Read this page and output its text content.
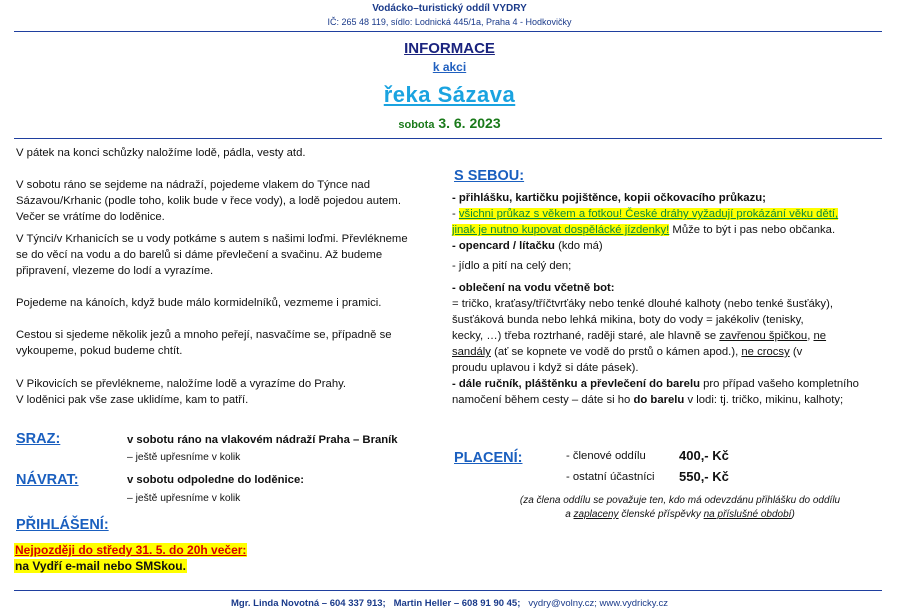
Vodácko–turistický oddíl VYDRY
IČ: 265 48 119, sídlo: Lodnická 445/1a, Praha 4 - Hodkovičky
INFORMACE
k akci
řeka Sázava
sobota 3. 6. 2023
V pátek na konci schůzky naložíme lodě, pádla, vesty atd.
V sobotu ráno se sejdeme na nádraží, pojedeme vlakem do Týnce nad
Sázavou/Krhanic (podle toho, kolik bude v řece vody), a lodě pojedou autem.
Večer se vrátíme do loděnice.
V Týnci/v Krhanicích se u vody potkáme s autem s našimi loďmi. Převlékneme
se do věcí na vodu a do barelů si dáme převlečení a svačinu. Až budeme
připravení, vlezeme do lodí a vyrazíme.
Pojedeme na kánoích, když bude málo kormidelníků, vezmeme i pramici.
Cestou si sjedeme několik jezů a mnoho peřejí, nasvačíme se, případně se
vykoupeme, pokud budeme chtít.
V Pikovicích se převlékneme, naložíme lodě a vyrazíme do Prahy.
V loděnici pak vše zase uklidíme, kam to patří.
S SEBOU:
- přihlášku, kartičku pojištěnce, kopii očkovacího průkazu;
- všichni průkaz s věkem a fotkou! České dráhy vyžadují prokázání věku dětí,
jinak je nutno kupovat dospělácké jízdenky! Může to být i pas nebo občanka.
- opencard / lítačku (kdo má)
- jídlo a pití na celý den;
- oblečení na vodu včetně bot:
= tričko, kraťasy/tříčtvrťáky nebo tenké dlouhé kalhoty (nebo tenké šusťáky),
šusťáková bunda nebo lehká mikina, boty do vody = jakékoliv (tenisky,
kecky, …) třeba roztrhané, raději staré, ale hlavně se zavřenou špičkou, ne
sandály (ať se kopnete ve vodě do prstů o kámen apod.), ne crocsy (v
proudu uplavou i když si dáte pásek).
- dále ručník, pláštěnku a převlečení do barelu pro případ vašeho kompletního
namočení během cesty – dáte si ho do barelu v lodi: tj. tričko, mikinu, kalhoty;
SRAZ:	v sobotu ráno na vlakovém nádraží Praha – Braník
– ještě upřesníme v kolik
NÁVRAT:	v sobotu odpoledne do loděnice:
– ještě upřesníme v kolik
PŘIHLÁŠENÍ:
Nejpozději do středy 31. 5. do 20h večer:
na Vydří e-mail nebo SMSkou.
PLACENÍ:	- členové oddílu	400,- Kč
- ostatní účastníci 550,- Kč
(za člena oddílu se považuje ten, kdo má odevzdánu přihlášku do oddílu
a zaplaceny členské příspěvky na příslušné období)
Mgr. Linda Novotná – 604 337 913; Martin Heller – 608 91 90 45; vydry@volny.cz; www.vydricky.cz
